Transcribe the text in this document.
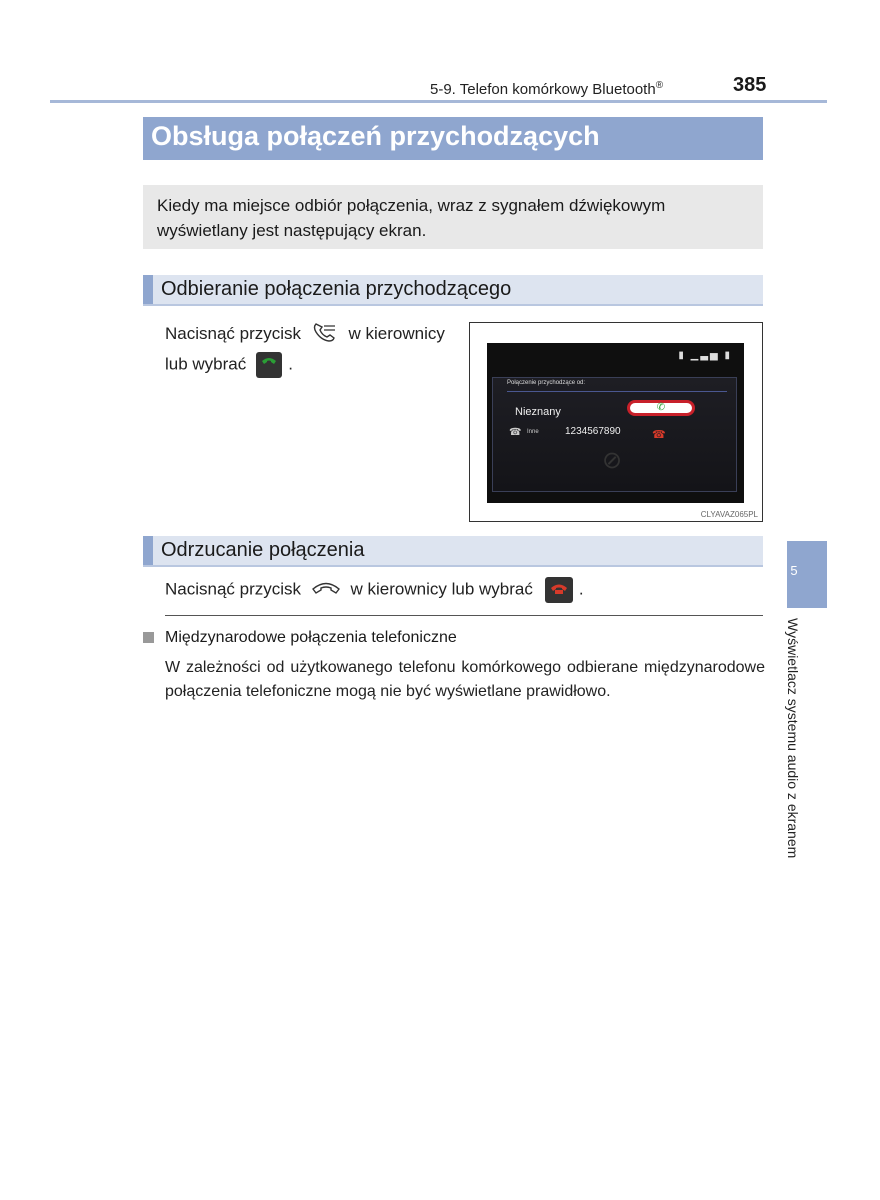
5-9. Telefon komórkowy Bluetooth®	385
Obsługa połączeń przychodzących
Kiedy ma miejsce odbiór połączenia, wraz z sygnałem dźwiękowym wyświetlany jest następujący ekran.
Odbieranie połączenia przychodzącego
Nacisnąć przycisk	w kierownicy
lub wybrać .	▮ ▁▃▅ ▮
Połączenie przychodzące od:
Nieznany
☎ Inne	1234567890
✆
☎
⊘
CLYAVAZ065PL
Odrzucanie połączenia
Nacisnąć przycisk	w kierownicy lub wybrać	.
Międzynarodowe połączenia telefoniczne
W zależności od użytkowanego telefonu komórkowego odbierane międzynarodowe połączenia telefoniczne mogą nie być wyświetlane prawidłowo.
5
Wyświetlacz systemu audio z ekranem
